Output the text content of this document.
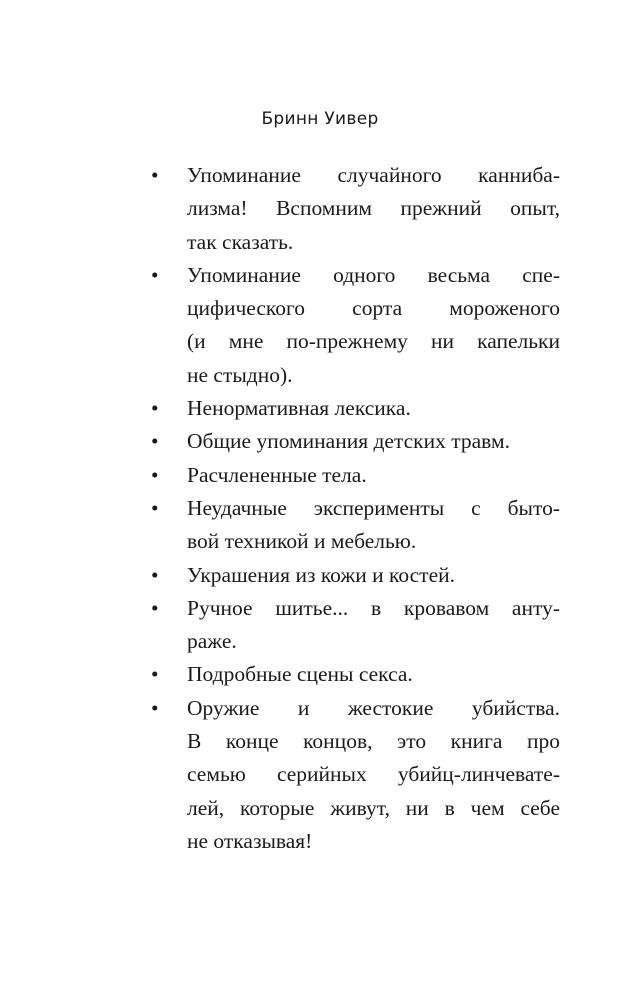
Бринн Уивер
•	Упоминание случайного каннибa-
лизма! Вспомним прежний опыт,
так сказать.
•	Упоминание одного весьма спе-
цифического сорта мороженого
(и мне по-прежнему ни капельки
не стыдно).
•	Ненормативная лексика.
•	Общие упоминания детских травм.
•	Расчлененные тела.
•	Неудачные эксперименты с быто-
вой техникой и мебелью.
•	Украшения из кожи и костей.
•	Ручное шитье... в кровавом анту-
раже.
•	Подробные сцены секса.
•	Оружие и жестокие убийства.
В конце концов, это книга про
семью серийных убийц-линчевате-
лей, которые живут, ни в чем себе
не отказывая!
